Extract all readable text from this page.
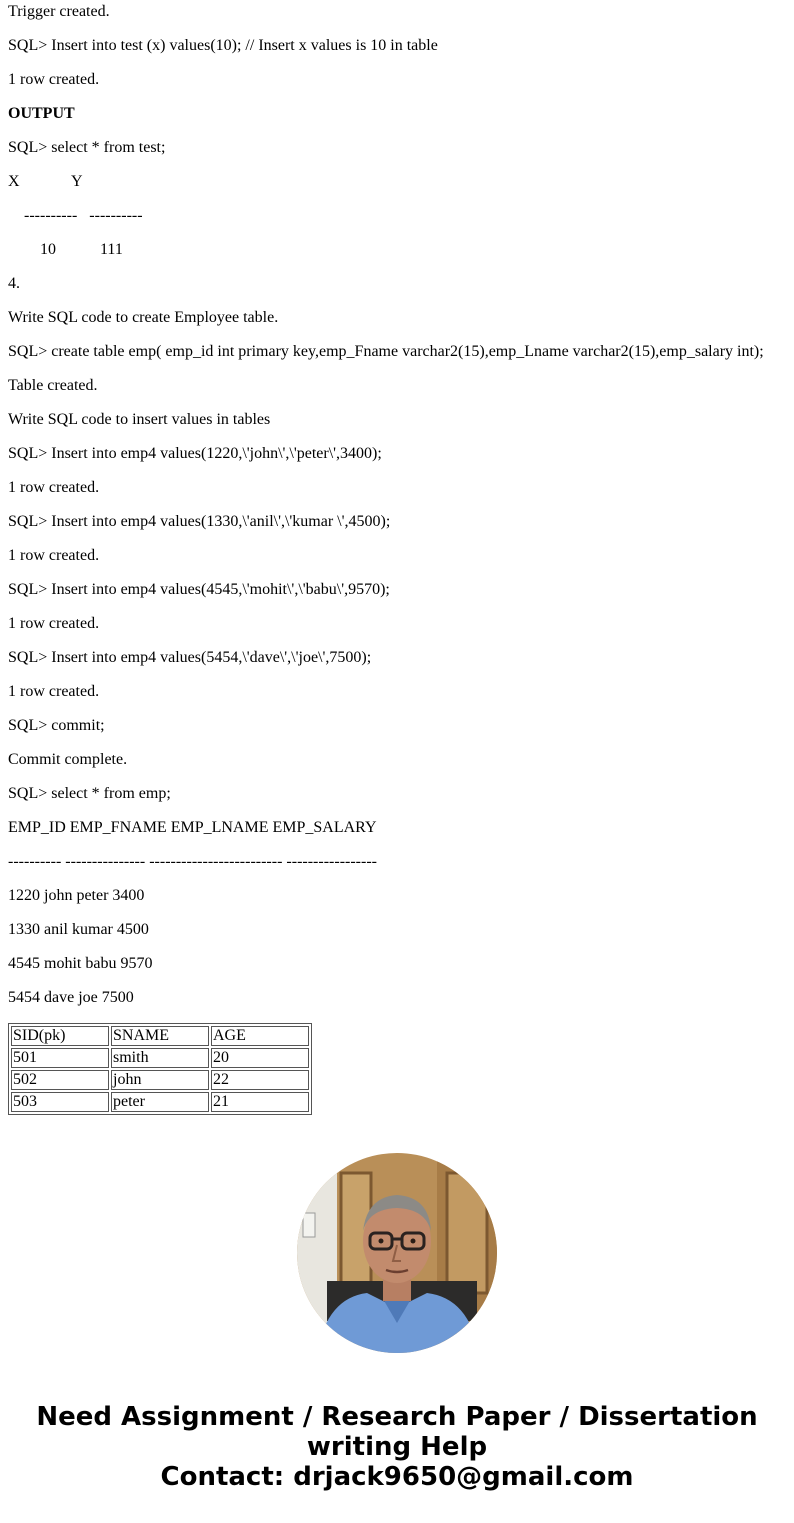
Trigger created.
SQL> Insert into test (x) values(10); // Insert x values is 10 in table
1 row created.
OUTPUT
SQL> select * from test;
X             Y
----------   ----------
10           111
4.
Write SQL code to create Employee table.
SQL> create table emp( emp_id int primary key,emp_Fname varchar2(15),emp_Lname varchar2(15),emp_salary int);
Table created.
Write SQL code to insert values in tables
SQL> Insert into emp4 values(1220,\'john\',\'peter\',3400);
1 row created.
SQL> Insert into emp4 values(1330,\'anil\',\'kumar \',4500);
1 row created.
SQL> Insert into emp4 values(4545,\'mohit\',\'babu\',9570);
1 row created.
SQL> Insert into emp4 values(5454,\'dave\',\'joe\',7500);
1 row created.
SQL> commit;
Commit complete.
SQL> select * from emp;
EMP_ID EMP_FNAME EMP_LNAME EMP_SALARY
---------- --------------- ------------------------- -----------------
1220 john peter 3400
1330 anil kumar 4500
4545 mohit babu 9570
5454 dave joe 7500
SID(pk)	SNAME	AGE
501	smith	20
502	john	22
503	peter	21
Need Assignment / Research Paper / Dissertation
writing Help
Contact: drjack9650@gmail.com
